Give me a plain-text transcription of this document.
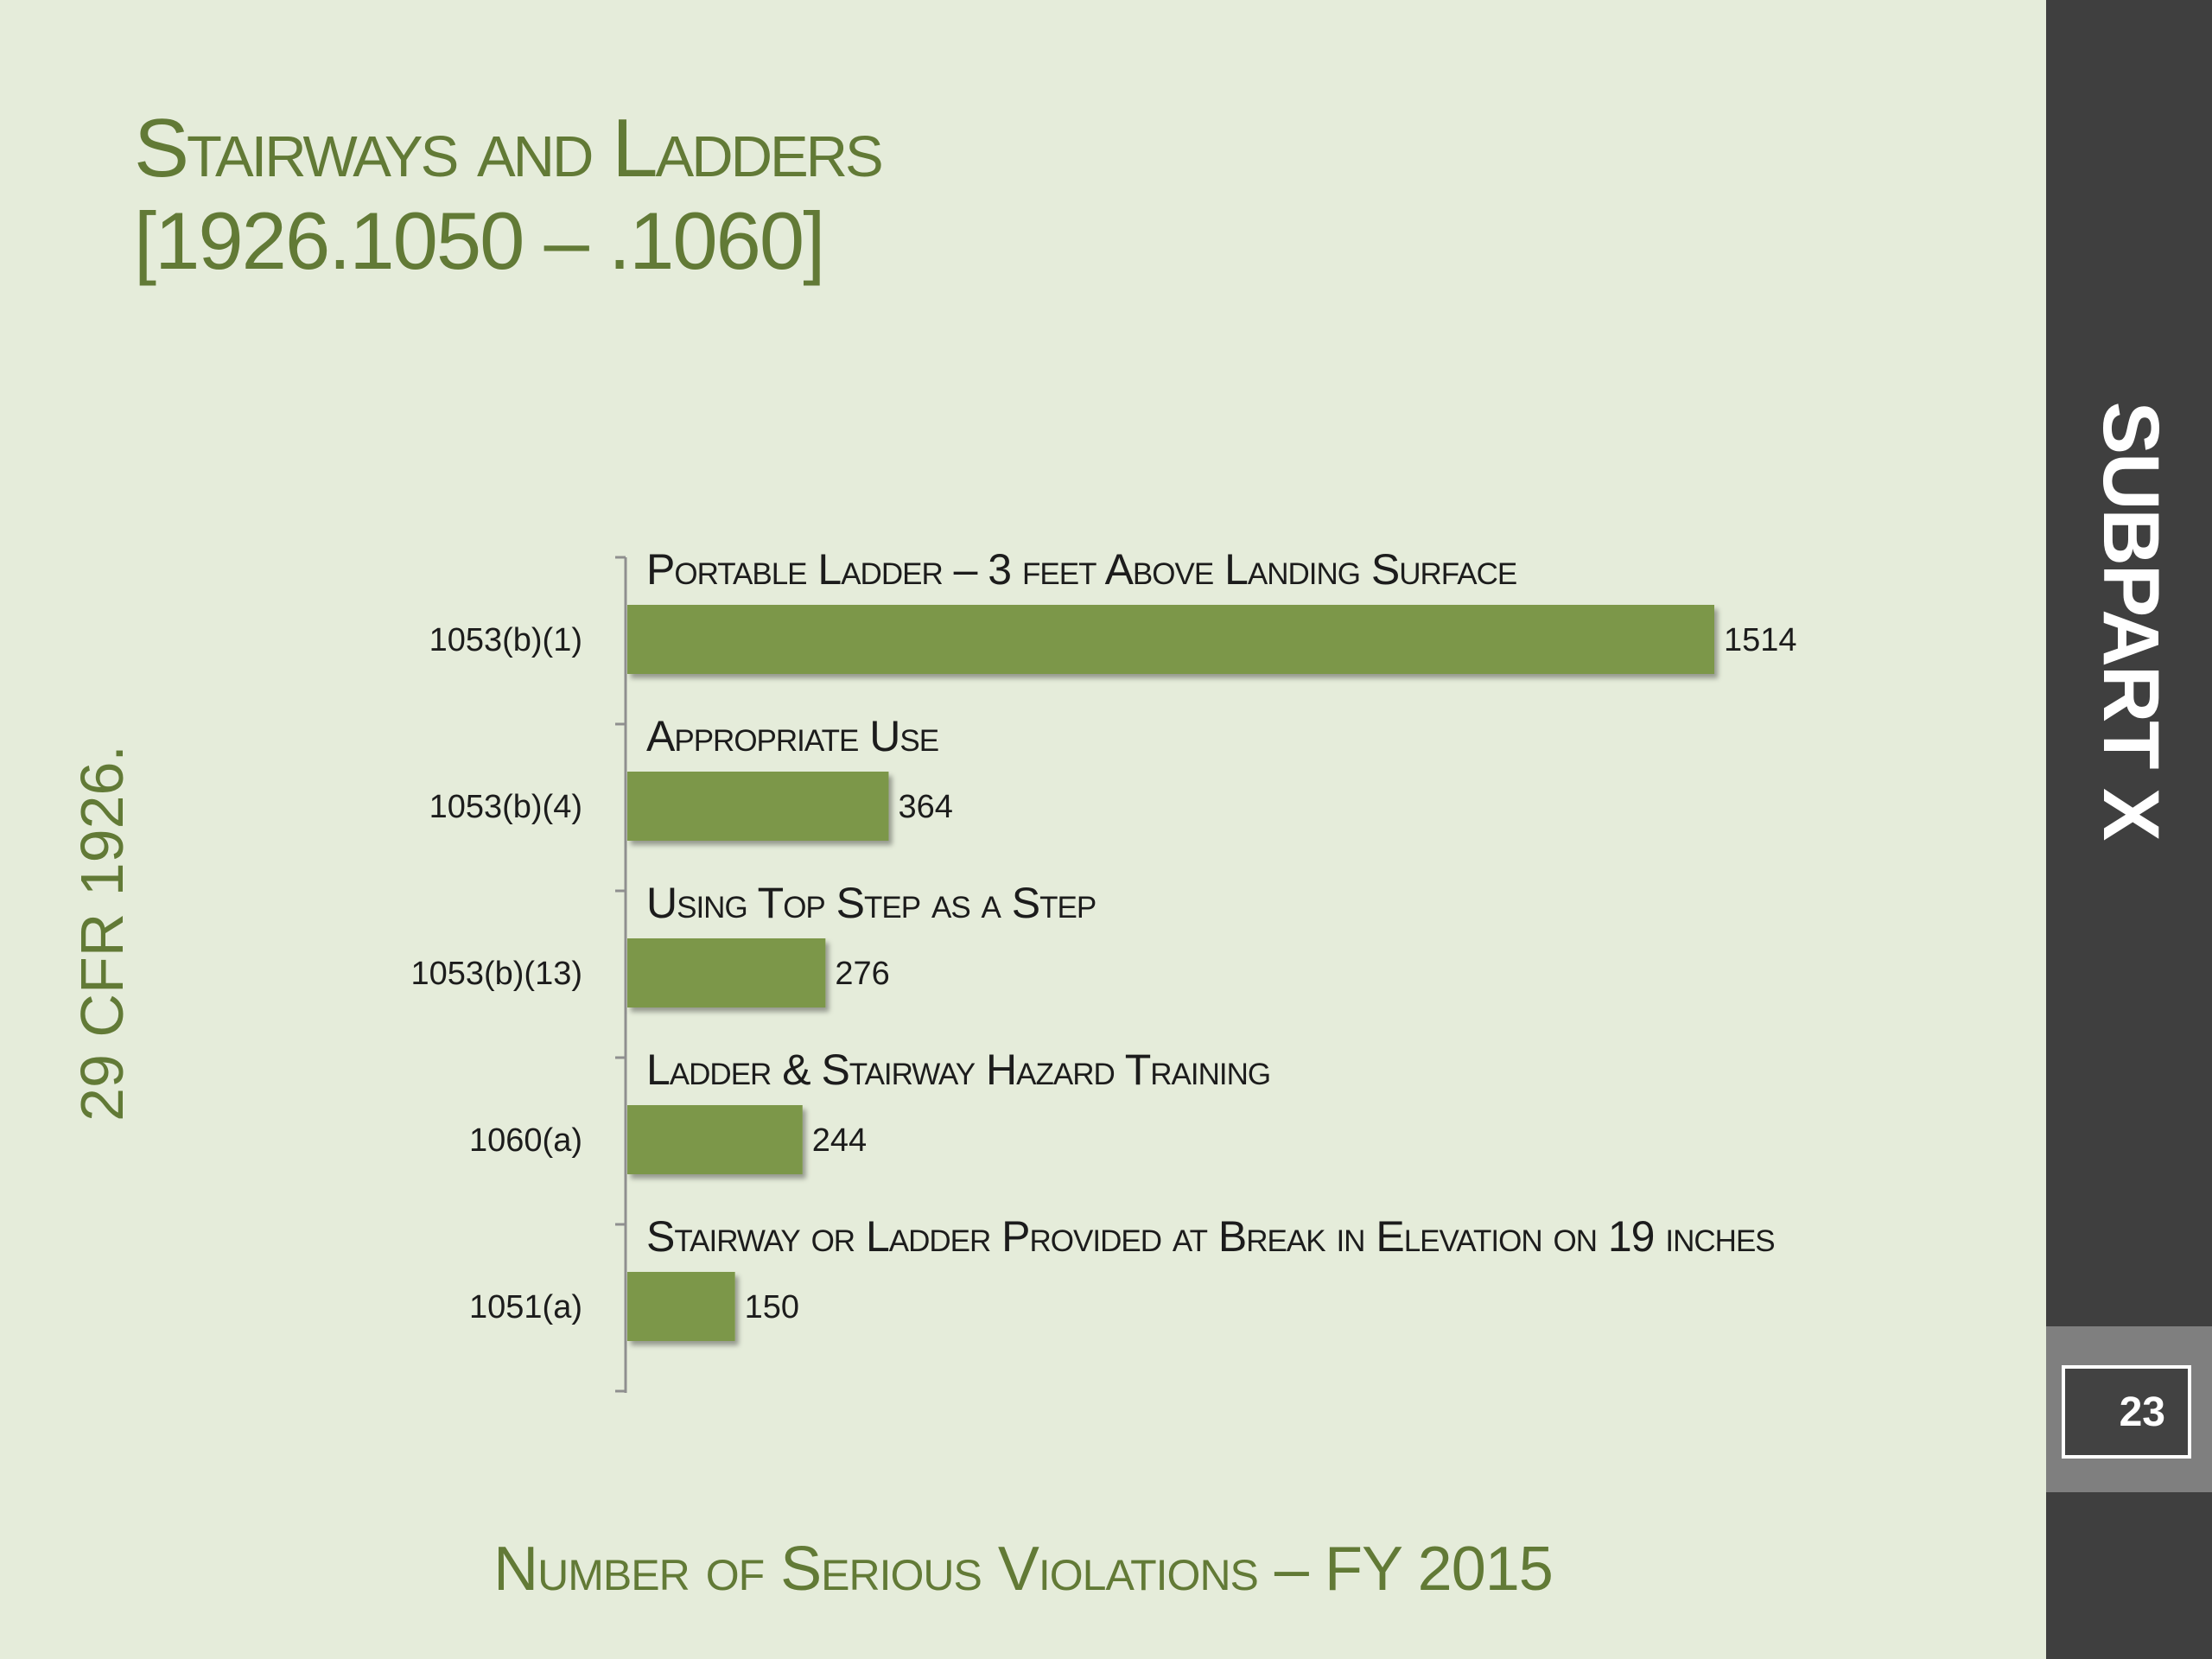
Stairways and Ladders
[1926.1050 – .1060]
29 CFR 1926.
1053(b)(1)	1514
Portable Ladder – 3 feet Above Landing Surface
1053(b)(4)	364
Appropriate Use
1053(b)(13)	276
Using Top Step as a Step
1060(a)	244
Ladder & Stairway Hazard Training
1051(a)	150
Stairway or Ladder Provided at Break in Elevation on 19 inches
Number of Serious Violations – FY 2015
SUBPART X
23
